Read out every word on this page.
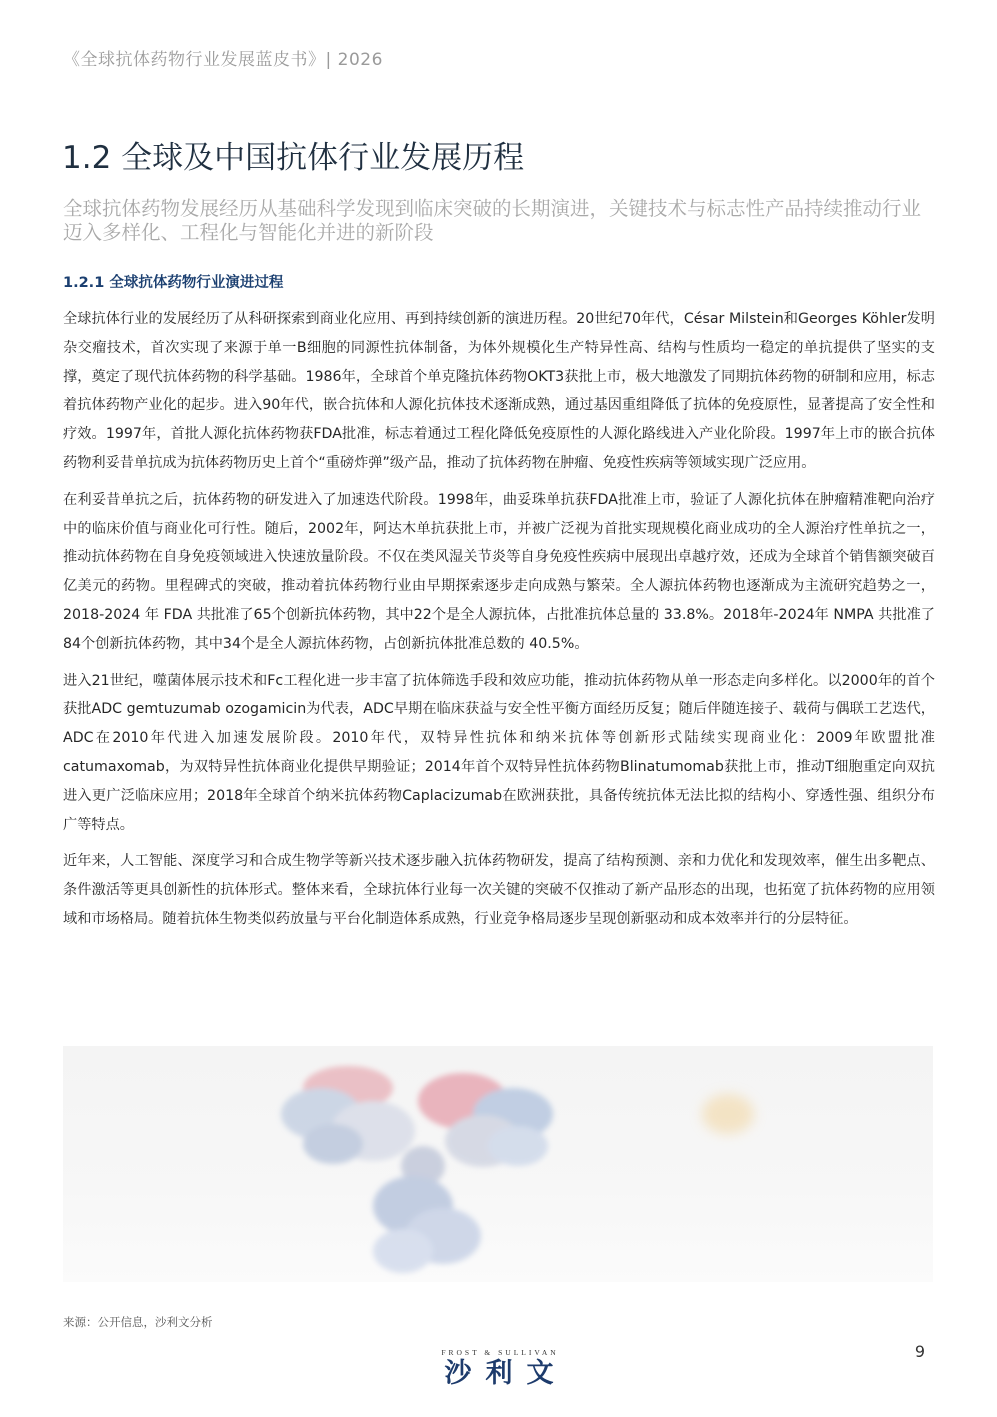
《全球抗体药物行业发展蓝皮书》| 2026
1.2 全球及中国抗体行业发展历程
全球抗体药物发展经历从基础科学发现到临床突破的长期演进，关键技术与标志性产品持续推动行业迈入多样化、工程化与智能化并进的新阶段
1.2.1 全球抗体药物行业演进过程

全球抗体行业的发展经历了从科研探索到商业化应用、再到持续创新的演进历程。20世纪70年代，César Milstein和Georges Köhler发明杂交瘤技术，首次实现了来源于单一B细胞的同源性抗体制备，为体外规模化生产特异性高、结构与性质均一稳定的单抗提供了坚实的支撑，奠定了现代抗体药物的科学基础。1986年，全球首个单克隆抗体药物OKT3获批上市，极大地激发了同期抗体药物的研制和应用，标志着抗体药物产业化的起步。进入90年代，嵌合抗体和人源化抗体技术逐渐成熟，通过基因重组降低了抗体的免疫原性，显著提高了安全性和疗效。1997年，首批人源化抗体药物获FDA批准，标志着通过工程化降低免疫原性的人源化路线进入产业化阶段。1997年上市的嵌合抗体药物利妥昔单抗成为抗体药物历史上首个“重磅炸弹”级产品，推动了抗体药物在肿瘤、免疫性疾病等领域实现广泛应用。

在利妥昔单抗之后，抗体药物的研发进入了加速迭代阶段。1998年，曲妥珠单抗获FDA批准上市，验证了人源化抗体在肿瘤精准靶向治疗中的临床价值与商业化可行性。随后，2002年，阿达木单抗获批上市，并被广泛视为首批实现规模化商业成功的全人源治疗性单抗之一，推动抗体药物在自身免疫领域进入快速放量阶段。不仅在类风湿关节炎等自身免疫性疾病中展现出卓越疗效，还成为全球首个销售额突破百亿美元的药物。里程碑式的突破，推动着抗体药物行业由早期探索逐步走向成熟与繁荣。全人源抗体药物也逐渐成为主流研究趋势之一，2018-2024 年 FDA 共批准了65个创新抗体药物，其中22个是全人源抗体，占批准抗体总量的 33.8%。2018年-2024年 NMPA 共批准了84个创新抗体药物，其中34个是全人源抗体药物，占创新抗体批准总数的 40.5%。

进入21世纪，噬菌体展示技术和Fc工程化进一步丰富了抗体筛选手段和效应功能，推动抗体药物从单一形态走向多样化。以2000年的首个获批ADC gemtuzumab ozogamicin为代表，ADC早期在临床获益与安全性平衡方面经历反复；随后伴随连接子、载荷与偶联工艺迭代，ADC在2010年代进入加速发展阶段。2010年代，双特异性抗体和纳米抗体等创新形式陆续实现商业化：2009年欧盟批准catumaxomab，为双特异性抗体商业化提供早期验证；2014年首个双特异性抗体药物Blinatumomab获批上市，推动T细胞重定向双抗进入更广泛临床应用；2018年全球首个纳米抗体药物Caplacizumab在欧洲获批，具备传统抗体无法比拟的结构小、穿透性强、组织分布广等特点。

近年来，人工智能、深度学习和合成生物学等新兴技术逐步融入抗体药物研发，提高了结构预测、亲和力优化和发现效率，催生出多靶点、条件激活等更具创新性的抗体形式。整体来看，全球抗体行业每一次关键的突破不仅推动了新产品形态的出现，也拓宽了抗体药物的应用领域和市场格局。随着抗体生物类似药放量与平台化制造体系成熟，行业竞争格局逐步呈现创新驱动和成本效率并行的分层特征。

来源：公开信息，沙利文分析
FROST & SULLIVAN
沙利文
9
